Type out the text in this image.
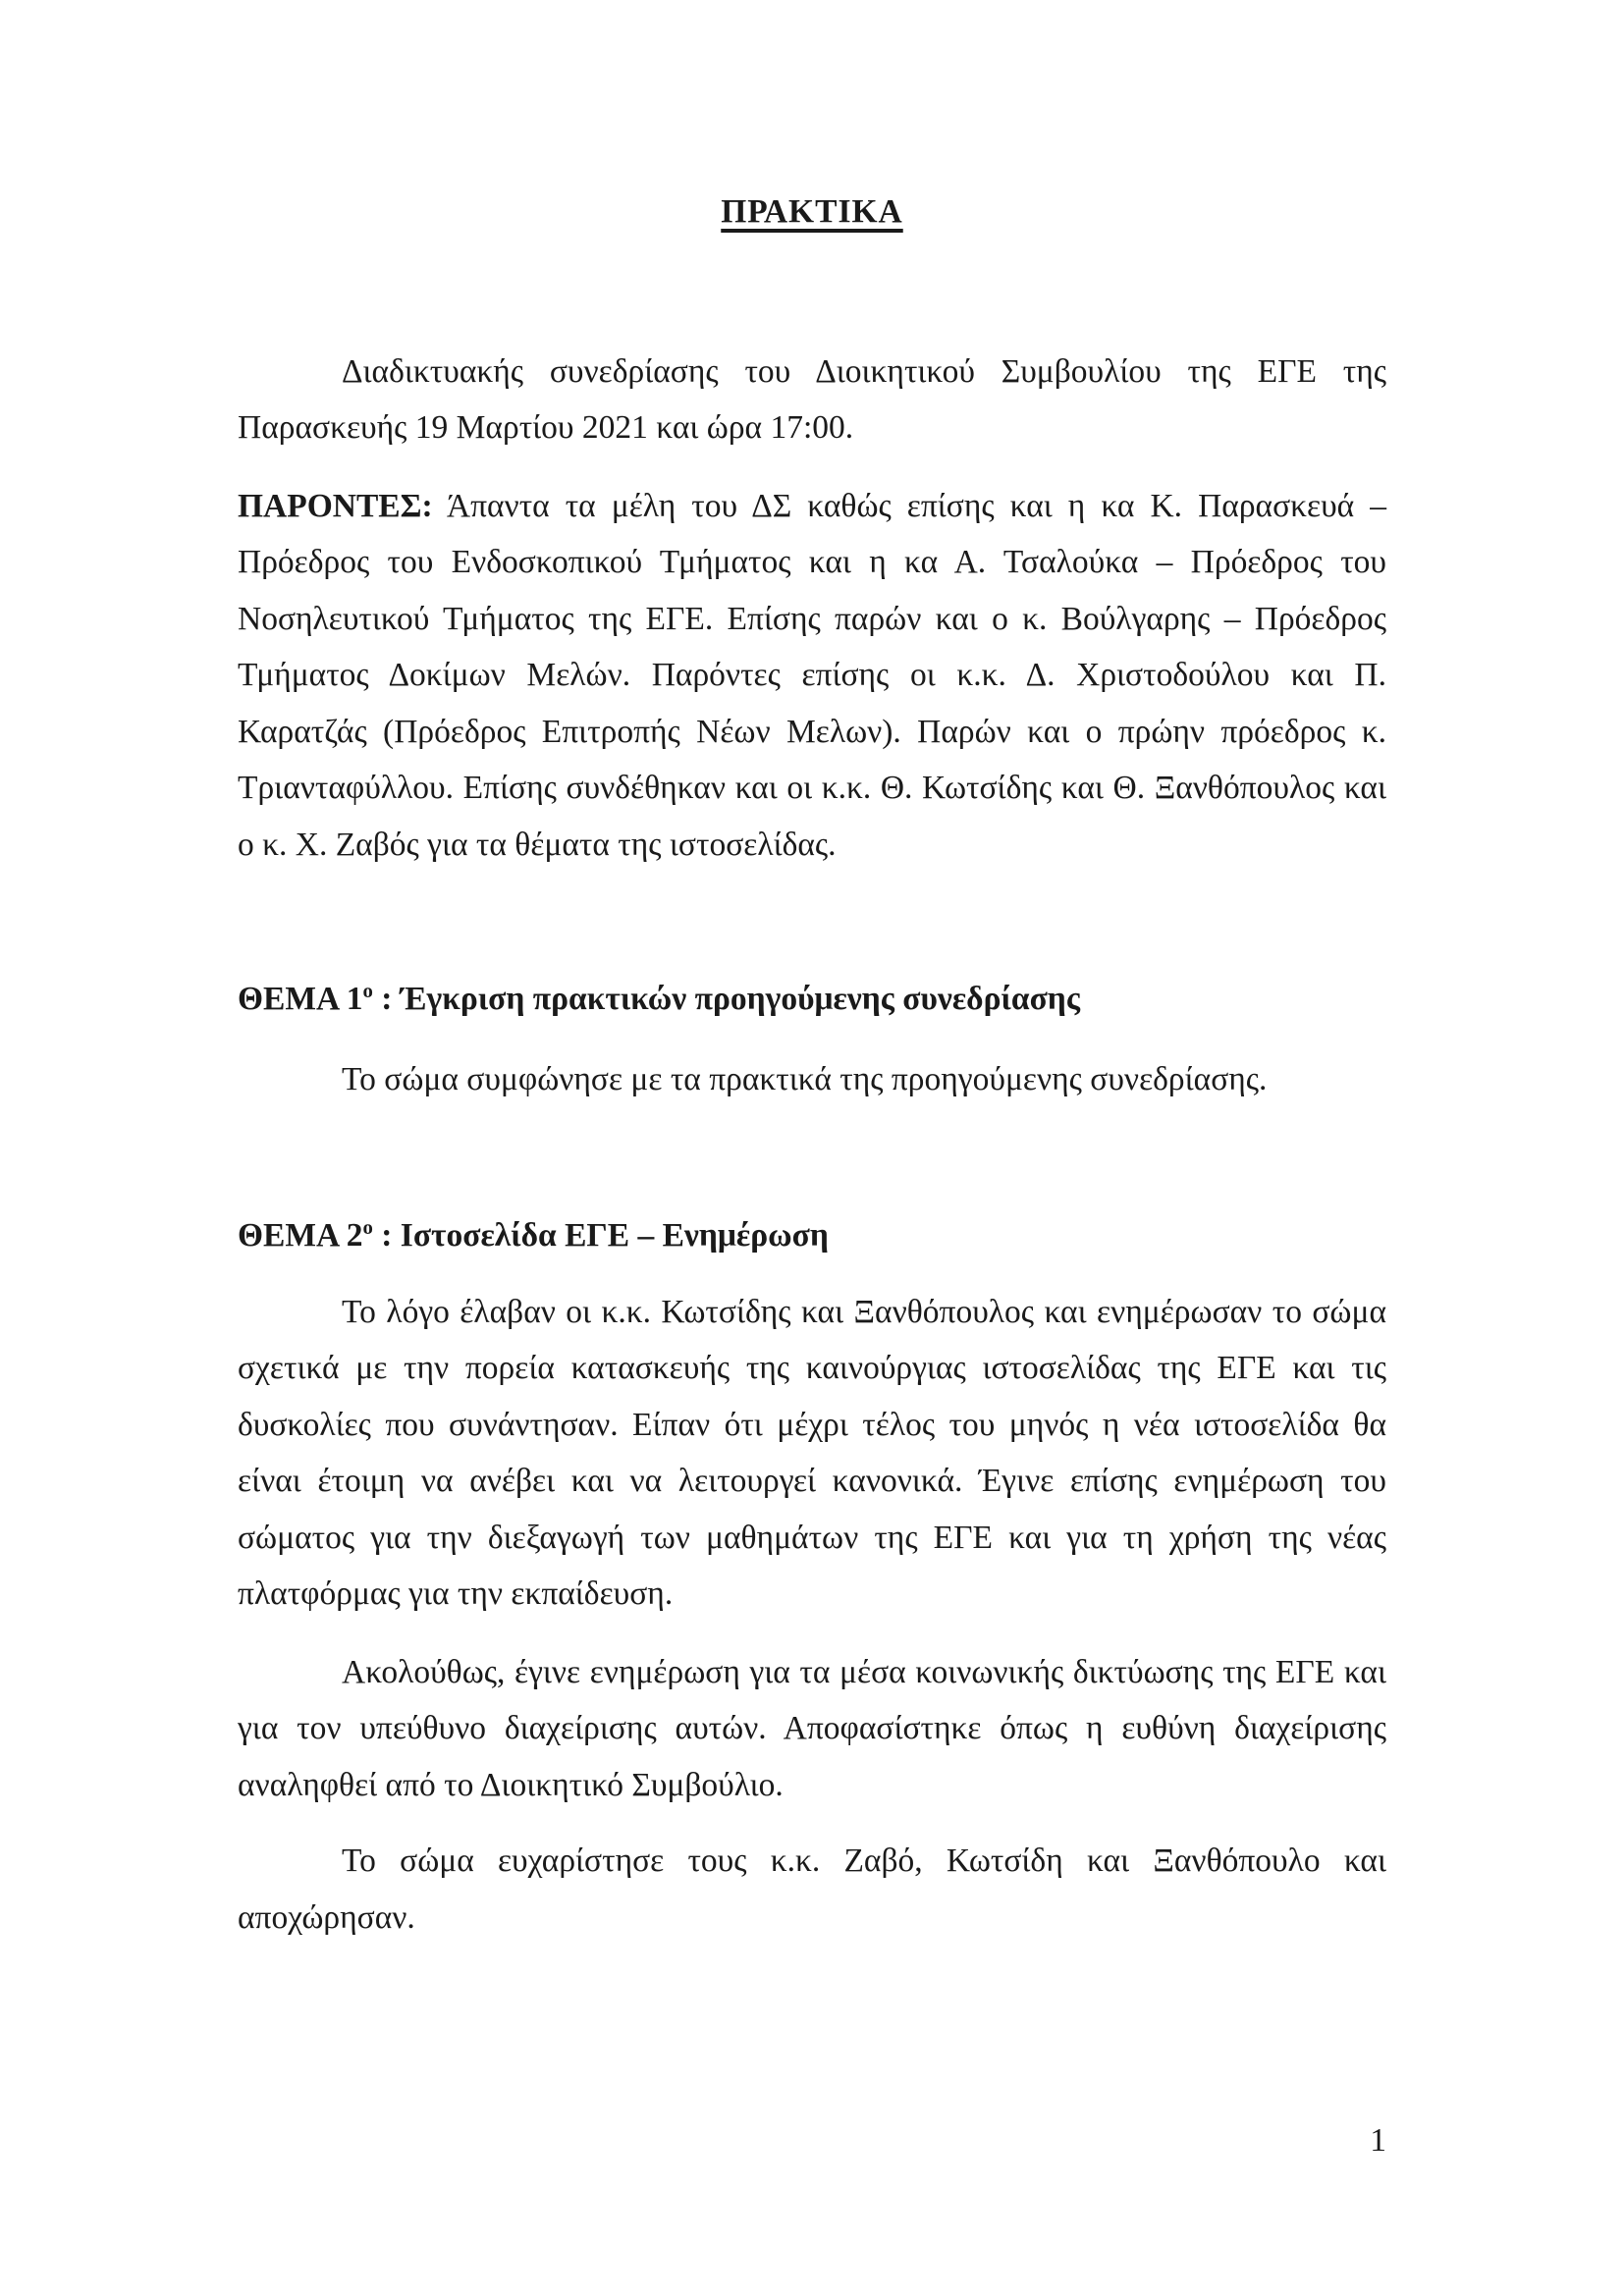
ΠΡΑΚΤΙΚΑ

Διαδικτυακής συνεδρίασης του Διοικητικού Συμβουλίου της ΕΓΕ της Παρασκευής 19 Μαρτίου 2021 και ώρα 17:00.

ΠΑΡΟΝΤΕΣ: Άπαντα τα μέλη του ΔΣ καθώς επίσης και η κα Κ. Παρασκευά – Πρόεδρος του Ενδοσκοπικού Τμήματος και η κα Α. Τσαλούκα – Πρόεδρος του Νοσηλευτικού Τμήματος της ΕΓΕ. Επίσης παρών και ο κ. Βούλγαρης – Πρόεδρος Τμήματος Δοκίμων Μελών. Παρόντες επίσης οι κ.κ. Δ. Χριστοδούλου και Π. Καρατζάς (Πρόεδρος Επιτροπής Νέων Μελων). Παρών και ο πρώην πρόεδρος κ. Τριανταφύλλου. Επίσης συνδέθηκαν και οι κ.κ. Θ. Κωτσίδης και Θ. Ξανθόπουλος και ο κ. Χ. Ζαβός για τα θέματα της ιστοσελίδας.

ΘΕΜΑ $1^o$ : Έγκριση πρακτικών προηγούμενης συνεδρίασης

Το σώμα συμφώνησε με τα πρακτικά της προηγούμενης συνεδρίασης.

ΘΕΜΑ $2^o$ : Ιστοσελίδα ΕΓΕ – Ενημέρωση

Το λόγο έλαβαν οι κ.κ. Κωτσίδης και Ξανθόπουλος και ενημέρωσαν το σώμα σχετικά με την πορεία κατασκευής της καινούργιας ιστοσελίδας της ΕΓΕ και τις δυσκολίες που συνάντησαν. Είπαν ότι μέχρι τέλος του μηνός η νέα ιστοσελίδα θα είναι έτοιμη να ανέβει και να λειτουργεί κανονικά. Έγινε επίσης ενημέρωση του σώματος για την διεξαγωγή των μαθημάτων της ΕΓΕ και για τη χρήση της νέας πλατφόρμας για την εκπαίδευση.

Ακολούθως, έγινε ενημέρωση για τα μέσα κοινωνικής δικτύωσης της ΕΓΕ και για τον υπεύθυνο διαχείρισης αυτών. Αποφασίστηκε όπως η ευθύνη διαχείρισης αναληφθεί από το Διοικητικό Συμβούλιο.

Το σώμα ευχαρίστησε τους κ.κ. Ζαβό, Κωτσίδη και Ξανθόπουλο και αποχώρησαν.

1
